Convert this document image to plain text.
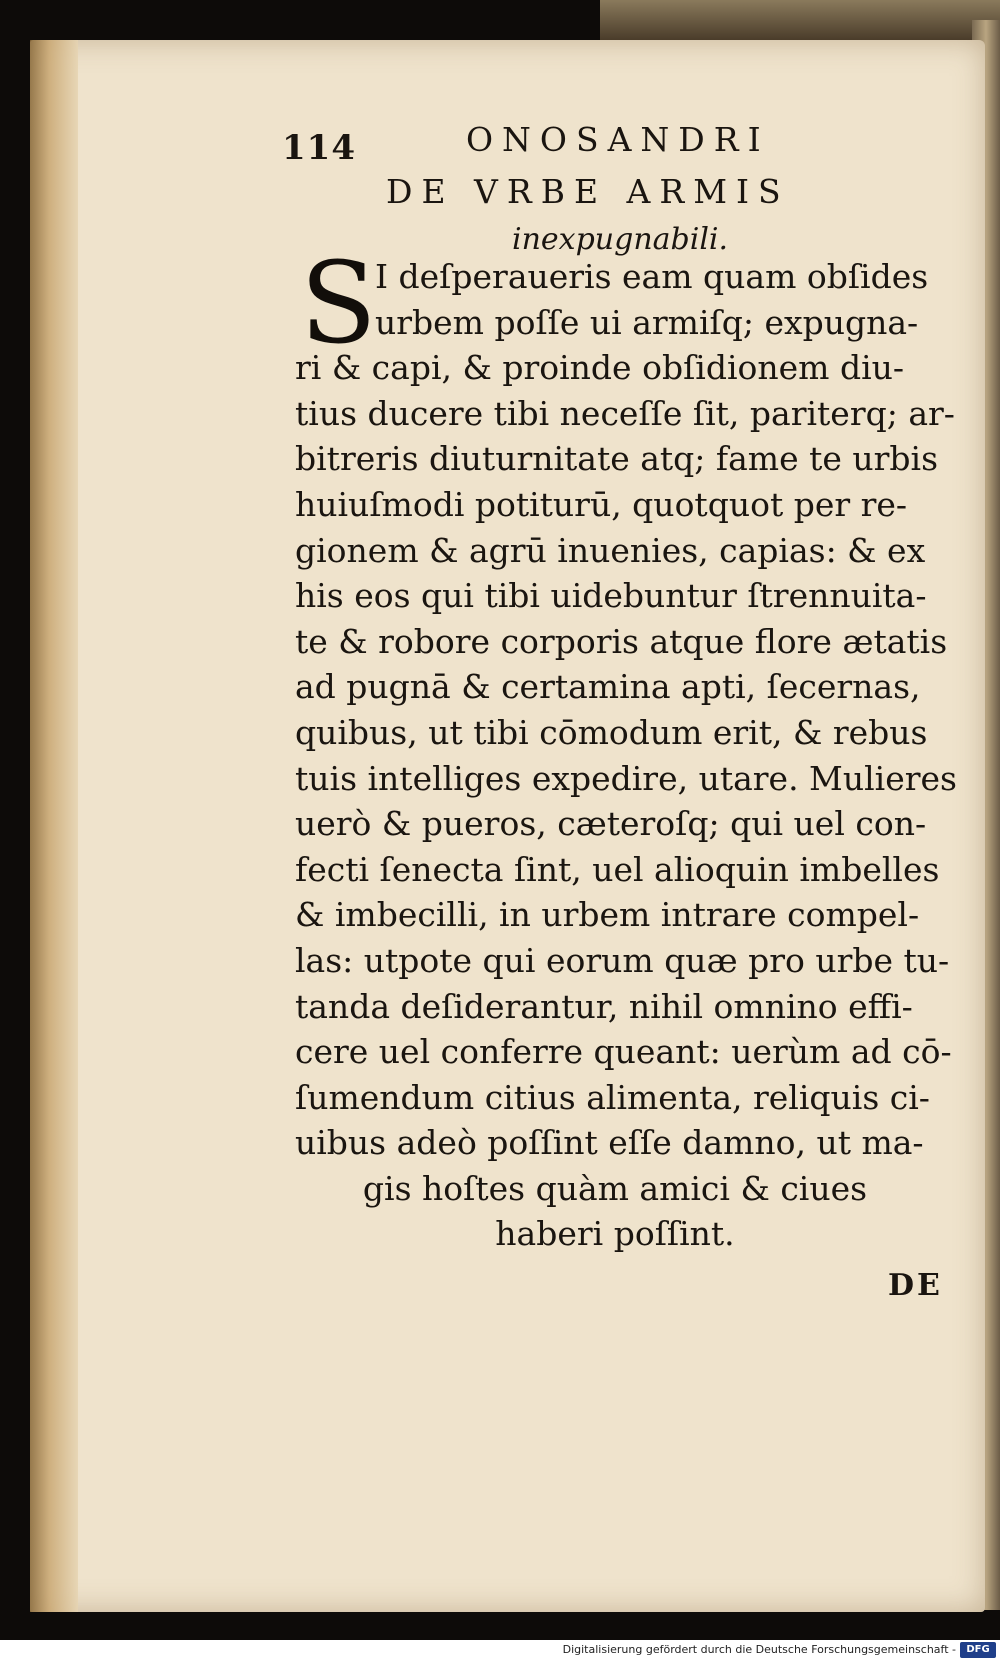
114	ONOSANDRI
DE VRBE ARMIS
inexpugnabili.
S
I deſperaueris eam quam obſides
urbem poſſe ui armiſq; expugna-
ri & capi, & proinde obſidionem diu-
tius ducere tibi neceſſe ſit, pariterq; ar-
bitreris diuturnitate atq; fame te urbis
huiuſmodi potiturū, quotquot per re-
gionem & agrū inuenies, capias: & ex
his eos qui tibi uidebuntur ſtrennuita-
te & robore corporis atque flore ætatis
ad pugnā & certamina apti, ſecernas,
quibus, ut tibi cōmodum erit, & rebus
tuis intelliges expedire, utare. Mulieres
uerò & pueros, cæteroſq; qui uel con-
fecti ſenecta ſint, uel alioquin imbelles
& imbecilli, in urbem intrare compel-
las: utpote qui eorum quæ pro urbe tu-
tanda deſiderantur, nihil omnino effi-
cere uel conferre queant: uerùm ad cō-
ſumendum citius alimenta, reliquis ci-
uibus adeò poſſint eſſe damno, ut ma-
gis hoſtes quàm amici & ciues
haberi poſſint.
DE
Digitalisierung gefördert durch die Deutsche Forschungsgemeinschaft -	DFG
